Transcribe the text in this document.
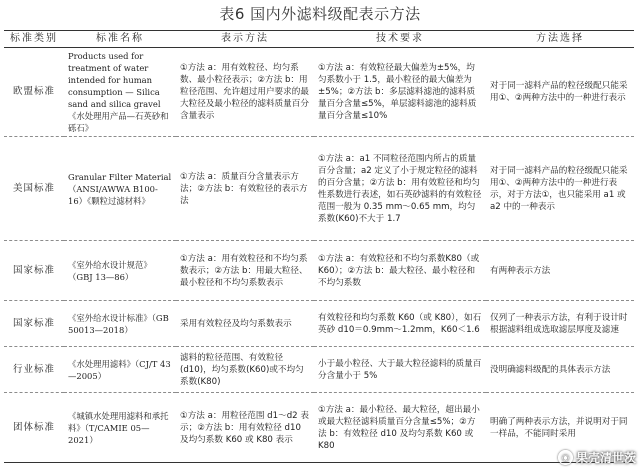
表6 国内外滤料级配表示方法
标准类别	标准名称	表示方法	技术要求	方法选择
欧盟标准	Products used for treatment of water intended for human consumption — Silica sand and silica gravel《水处理用产品—石英砂和砾石》	①方法 a：用有效粒径、均匀系数、最小粒径表示；②方法 b：用粒径范围、允许超过用户要求的最大粒径及最小粒径的滤料质量百分含量表示	①方法 a：有效粒径最大偏差为±5%，均匀系数小于 1.5，最小粒径的最大偏差为±5%；②方法 b：多层滤料滤池的滤料质量百分含量≤5%，单层滤料滤池的滤料质量百分含量≤10%	对于同一滤料产品的粒径级配只能采用①、②两种方法中的一种进行表示
美国标准	Granular Filter Material（ANSI/AWWA B100-16）《颗粒过滤材料》	①方法 a：质量百分含量表示方法；②方法 b：有效粒径的表示方法	①方法 a：a1 不同粒径范围内所占的质量百分含量；a2 定义了小于规定粒径的滤料的百分含量；②方法 b：用有效粒径和均匀性系数进行表述，如石英砂滤料的有效粒径范围一般为 0.35 mm～0.65 mm，均匀系数(K60)不大于 1.7	对于同一滤料产品的粒径级配只能采用①、②两种方法中的一种进行表示，对于方法①，也只能采用 a1 或 a2 中的一种表示
国家标准	《室外给水设计规范》（GBJ 13—86）	①方法 a：用有效粒径和不均匀系数表示；②方法 b：用最大粒径、最小粒径和不均匀系数表示	①方法 a：有效粒径和不均匀系数K80（或K60）；②方法 b：最大粒径、最小粒径和不均匀系数	有两种表示方法
国家标准	《室外给水设计标准》（GB 50013—2018）	采用有效粒径及均匀系数表示	有效粒径和均匀系数 K60（或 K80），如石英砂 d10＝0.9mm～1.2mm，K60＜1.6	仅列了一种表示方法，有利于设计时根据滤料组成选取滤层厚度及滤速
行业标准	《水处理用滤料》（CJ/T 43—2005）	滤料的粒径范围、有效粒径(d10)，均匀系数(K60)或不均匀系数(K80)	小于最小粒径、大于最大粒径滤料的质量百分含量小于 5%	没明确滤料级配的具体表示方法
团体标准	《城镇水处理用滤料和承托料》（T/CAMIE 05—2021）	①方法 a：用粒径范围 d1～d2 表示；②方法 b：用有效粒径 d10 及均匀系数 K60 或 K80 表示	①方法 a：最小粒径、最大粒径，超出最小或最大粒径滤料质量百分含量≤5%；②方法 b：有效粒径 d10 及均匀系数 K60 或 K80	明确了两种表示方法，并说明对于同一样品，不能同时采用
◉ 果壳清世茨
